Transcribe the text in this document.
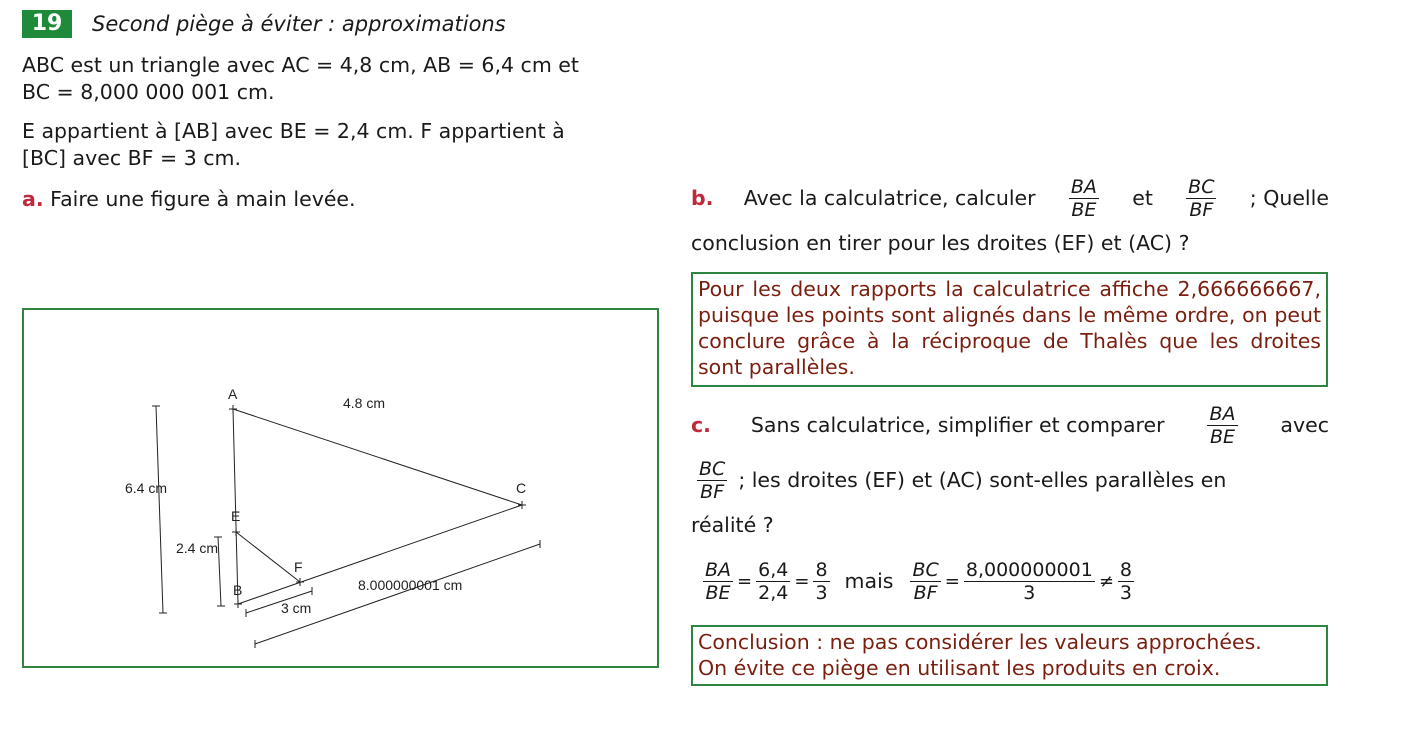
19	Second piège à éviter : approximations
ABC est un triangle avec AC = 4,8 cm, AB = 6,4 cm et
BC = 8,000 000 001 cm.
E appartient à [AB] avec BE = 2,4 cm. F appartient à
[BC] avec BF = 3 cm.
a. Faire une figure à main levée.
A
C
B
E
F
4.8 cm
6.4 cm
2.4 cm
3 cm
8.000000001 cm
b. Avec la calculatrice, calculer $\frac{BA}{BE}$ et $\frac{BC}{BF}$ ; Quelle
conclusion en tirer pour les droites (EF) et (AC) ?
Pour les deux rapports la calculatrice affiche 2,666666667, puisque les points sont alignés dans le même ordre, on peut conclure grâce à la réciproque de Thalès que les droites sont parallèles.
c. Sans calculatrice, simplifier et comparer $\frac{BA}{BE}$ avec
$\frac{BC}{BF}$ ; les droites (EF) et (AC) sont-elles parallèles en
réalité ?
$\frac{BA}{BE} = \frac{6,4}{2,4} = \frac{8}{3}$ mais $\frac{BC}{BF} = \frac{8,000000001}{3} \ne \frac{8}{3}$
Conclusion : ne pas considérer les valeurs approchées.
On évite ce piège en utilisant les produits en croix.
